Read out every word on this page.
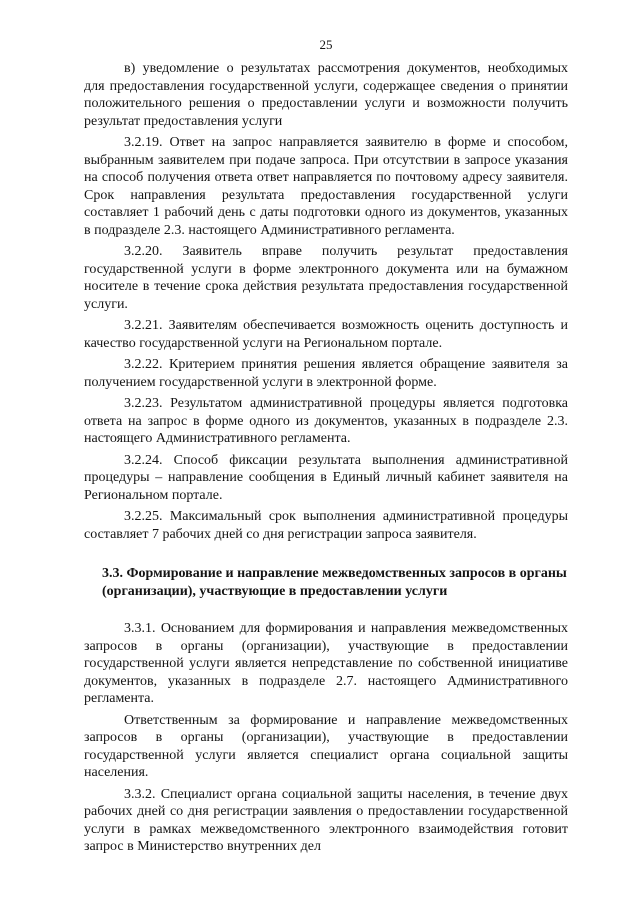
25

в) уведомление о результатах рассмотрения документов, необходимых для предоставления государственной услуги, содержащее сведения о принятии положительного решения о предоставлении услуги и возможности получить результат предоставления услуги

3.2.19. Ответ на запрос направляется заявителю в форме и способом, выбранным заявителем при подаче запроса. При отсутствии в запросе указания на способ получения ответа ответ направляется по почтовому адресу заявителя. Срок направления результата предоставления государственной услуги составляет 1 рабочий день с даты подготовки одного из документов, указанных в подразделе 2.3. настоящего Административного регламента.

3.2.20. Заявитель вправе получить результат предоставления государственной услуги в форме электронного документа или на бумажном носителе в течение срока действия результата предоставления государственной услуги.

3.2.21. Заявителям обеспечивается возможность оценить доступность и качество государственной услуги на Региональном портале.

3.2.22. Критерием принятия решения является обращение заявителя за получением государственной услуги в электронной форме.

3.2.23. Результатом административной процедуры является подготовка ответа на запрос в форме одного из документов, указанных в подразделе 2.3. настоящего Административного регламента.

3.2.24. Способ фиксации результата выполнения административной процедуры – направление сообщения в Единый личный кабинет заявителя на Региональном портале.

3.2.25. Максимальный срок выполнения административной процедуры составляет 7 рабочих дней со дня регистрации запроса заявителя.

3.3. Формирование и направление межведомственных запросов в органы (организации), участвующие в предоставлении услуги

3.3.1. Основанием для формирования и направления межведомственных запросов в органы (организации), участвующие в предоставлении государственной услуги является непредставление по собственной инициативе документов, указанных в подразделе 2.7. настоящего Административного регламента.

Ответственным за формирование и направление межведомственных запросов в органы (организации), участвующие в предоставлении государственной услуги является специалист органа социальной защиты населения.

3.3.2. Специалист органа социальной защиты населения, в течение двух рабочих дней со дня регистрации заявления о предоставлении государственной услуги в рамках межведомственного электронного взаимодействия готовит запрос в Министерство внутренних дел
